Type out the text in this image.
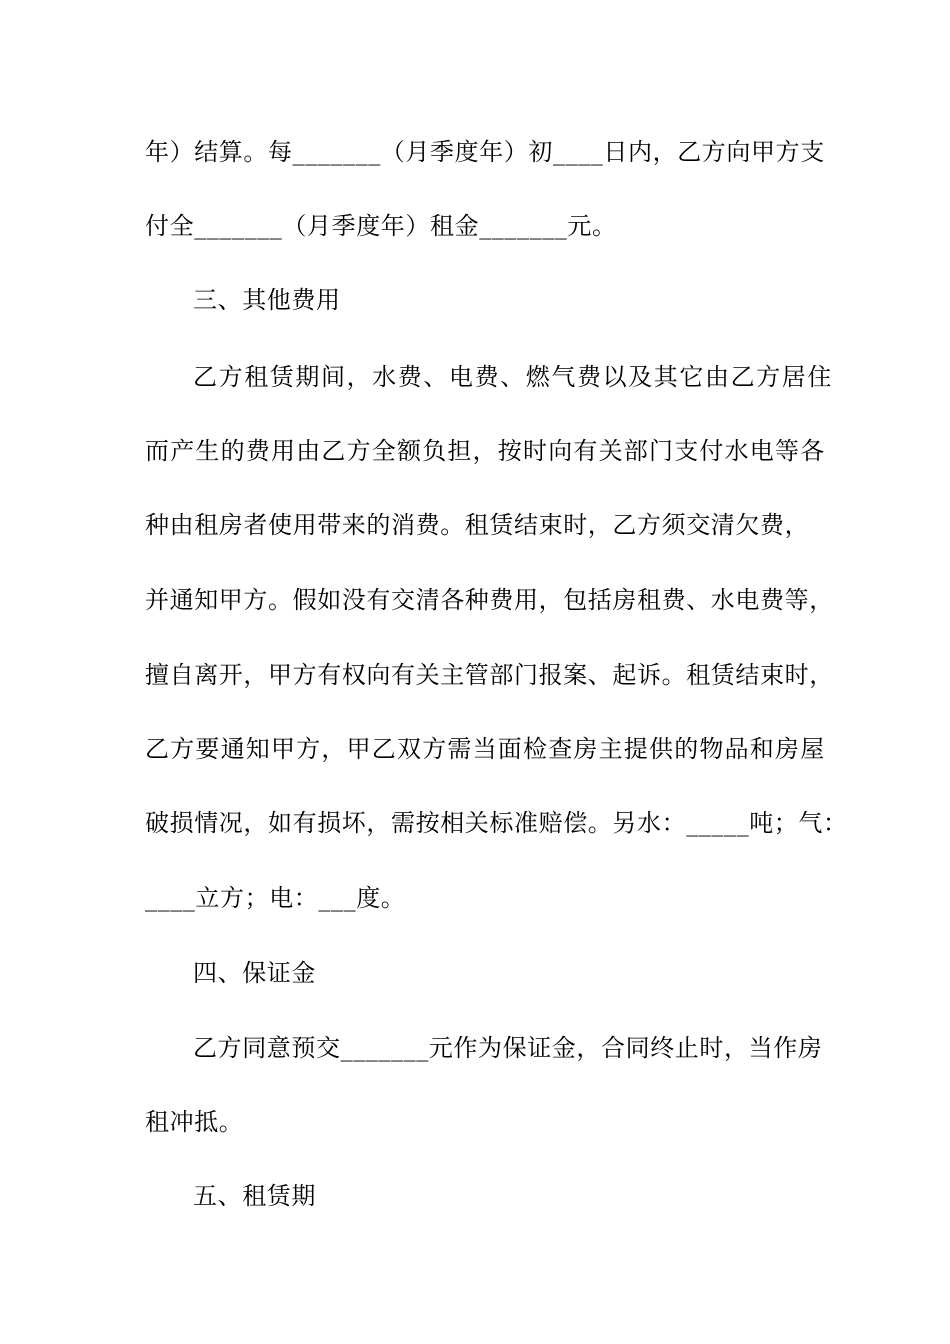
年）结算。每_______（月季度年）初____日内，乙方向甲方支
付全_______（月季度年）租金_______元。
三、其他费用
乙方租赁期间，水费、电费、燃气费以及其它由乙方居住
而产生的费用由乙方全额负担，按时向有关部门支付水电等各
种由租房者使用带来的消费。租赁结束时，乙方须交清欠费，
并通知甲方。假如没有交清各种费用，包括房租费、水电费等，
擅自离开，甲方有权向有关主管部门报案、起诉。租赁结束时，
乙方要通知甲方，甲乙双方需当面检查房主提供的物品和房屋
破损情况，如有损坏，需按相关标准赔偿。另水：_____吨；气：
____立方；电：___度。
四、保证金
乙方同意预交_______元作为保证金，合同终止时，当作房
租冲抵。
五、租赁期
